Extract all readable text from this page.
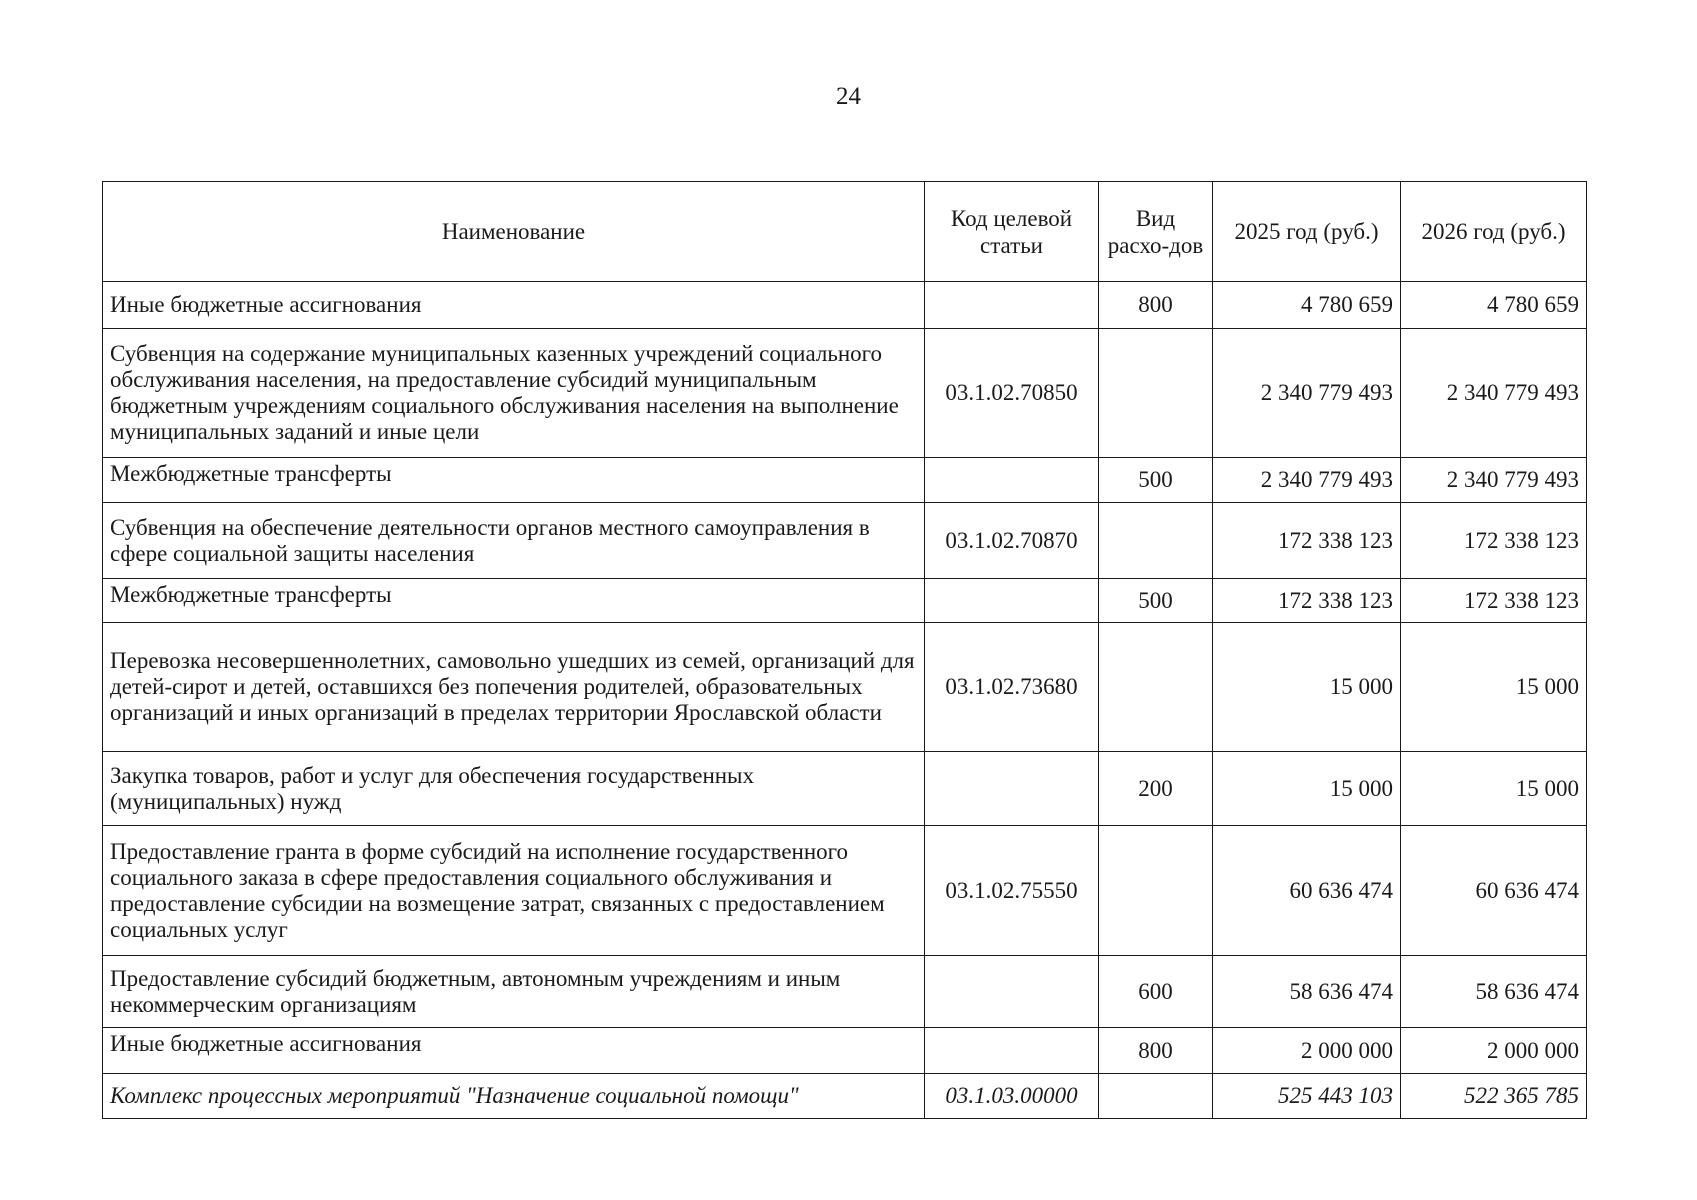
24
Наименование	Код целевой статьи	Вид расхо-дов	2025 год (руб.)	2026 год (руб.)
Иные бюджетные ассигнования		800	4 780 659	4 780 659
Субвенция на содержание муниципальных казенных учреждений социального обслуживания населения, на предоставление субсидий муниципальным бюджетным учреждениям социального обслуживания населения на выполнение муниципальных заданий и иные цели	03.1.02.70850		2 340 779 493	2 340 779 493
Межбюджетные трансферты		500	2 340 779 493	2 340 779 493
Субвенция на обеспечение деятельности органов местного самоуправления в сфере социальной защиты населения	03.1.02.70870		172 338 123	172 338 123
Межбюджетные трансферты		500	172 338 123	172 338 123
Перевозка несовершеннолетних, самовольно ушедших из семей, организаций для детей-сирот и детей, оставшихся без попечения родителей, образовательных организаций и иных организаций в пределах территории Ярославской области	03.1.02.73680		15 000	15 000
Закупка товаров, работ и услуг для обеспечения государственных (муниципальных) нужд		200	15 000	15 000
Предоставление гранта в форме субсидий на исполнение государственного социального заказа в сфере предоставления социального обслуживания и предоставление субсидии на возмещение затрат, связанных с предоставлением социальных услуг	03.1.02.75550		60 636 474	60 636 474
Предоставление субсидий бюджетным, автономным учреждениям и иным некоммерческим организациям		600	58 636 474	58 636 474
Иные бюджетные ассигнования		800	2 000 000	2 000 000
Комплекс процессных мероприятий "Назначение социальной помощи"	03.1.03.00000		525 443 103	522 365 785
